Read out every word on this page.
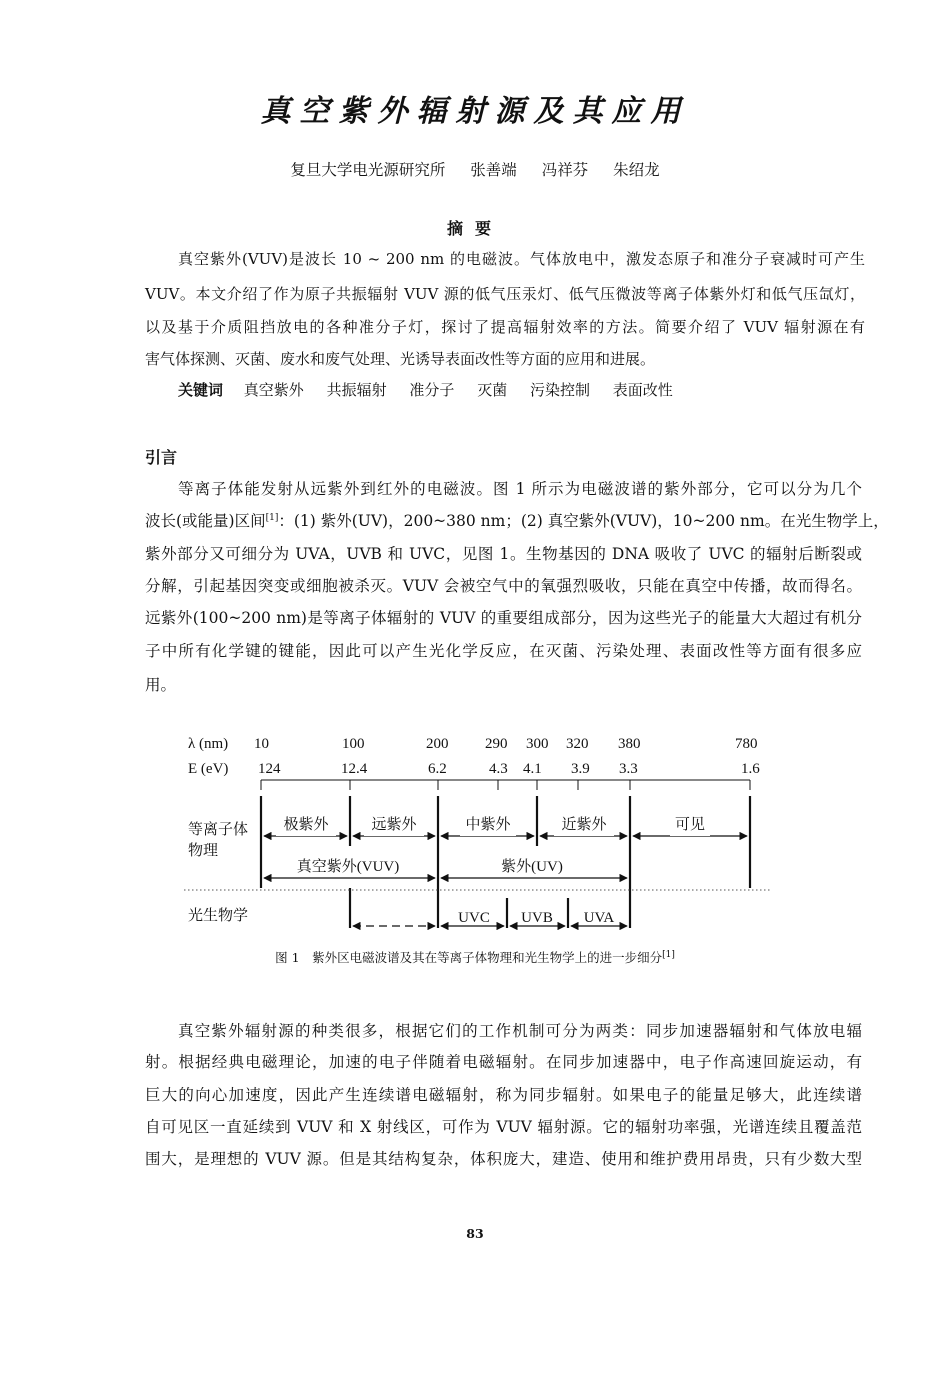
真空紫外辐射源及其应用
复旦大学电光源研究所 张善端 冯祥芬 朱绍龙
摘要
真空紫外(VUV)是波长 10 ~ 200 nm 的电磁波。气体放电中，激发态原子和准分子衰减时可产生
VUV。本文介绍了作为原子共振辐射 VUV 源的低气压汞灯、低气压微波等离子体紫外灯和低气压氙灯，
以及基于介质阻挡放电的各种准分子灯，探讨了提高辐射效率的方法。简要介绍了 VUV 辐射源在有
害气体探测、灭菌、废水和废气处理、光诱导表面改性等方面的应用和进展。
关键词 真空紫外 共振辐射 准分子 灭菌 污染控制 表面改性
引言
等离子体能发射从远紫外到红外的电磁波。图 1 所示为电磁波谱的紫外部分，它可以分为几个
波长(或能量)区间[1]：(1) 紫外(UV)，200~380 nm；(2) 真空紫外(VUV)，10~200 nm。在光生物学上，
紫外部分又可细分为 UVA，UVB 和 UVC，见图 1。生物基因的 DNA 吸收了 UVC 的辐射后断裂或
分解，引起基因突变或细胞被杀灭。VUV 会被空气中的氧强烈吸收，只能在真空中传播，故而得名。
远紫外(100~200 nm)是等离子体辐射的 VUV 的重要组成部分，因为这些光子的能量大大超过有机分
子中所有化学键的键能，因此可以产生光化学反应，在灭菌、污染处理、表面改性等方面有很多应
用。
λ (nm)
E (eV)
等离子体
物理
光生物学
10	100	200 290 300 320 380	780
124	12.4	6.2	4.3 4.1 3.9 3.3	1.6
极紫外	远紫外	中紫外	近紫外	可见
真空紫外(VUV)	紫外(UV)
UVC UVB UVA
图 1　紫外区电磁波谱及其在等离子体物理和光生物学上的进一步细分[1]
真空紫外辐射源的种类很多，根据它们的工作机制可分为两类：同步加速器辐射和气体放电辐
射。根据经典电磁理论，加速的电子伴随着电磁辐射。在同步加速器中，电子作高速回旋运动，有
巨大的向心加速度，因此产生连续谱电磁辐射，称为同步辐射。如果电子的能量足够大，此连续谱
自可见区一直延续到 VUV 和 X 射线区，可作为 VUV 辐射源。它的辐射功率强，光谱连续且覆盖范
围大，是理想的 VUV 源。但是其结构复杂，体积庞大，建造、使用和维护费用昂贵，只有少数大型
83
